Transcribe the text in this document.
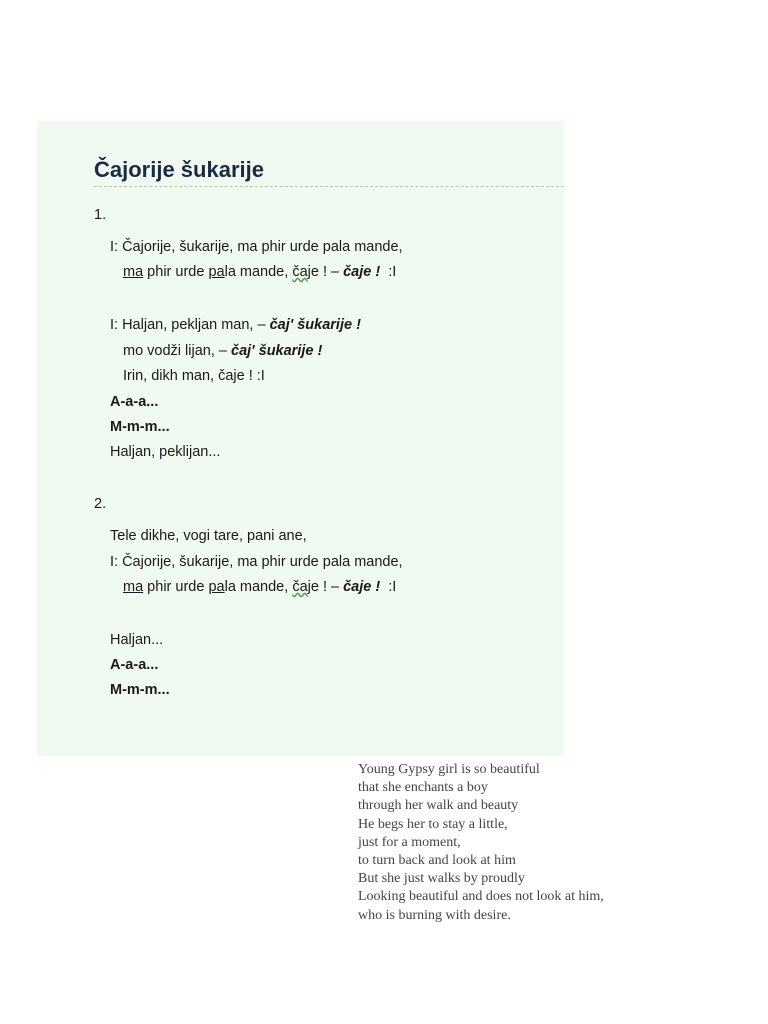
Čajorije šukarije
1.
I: Čajorije, šukarije, ma phir urde pala mande,
ma phir urde pala mande, čaje ! – čaje !  :I
I: Haljan, pekljan man, – čaj' šukarije !
mo vodži lijan, – čaj' šukarije !
Irin, dikh man, čaje ! :I
A-a-a...
M-m-m...
Haljan, peklijan...
2.
Tele dikhe, vogi tare, pani ane,
I: Čajorije, šukarije, ma phir urde pala mande,
ma phir urde pala mande, čaje ! – čaje !  :I
Haljan...
A-a-a...
M-m-m...
Young Gypsy girl is so beautiful
that she enchants a boy
through her walk and beauty
He begs her to stay a little,
just for a moment,
to turn back and look at him
But she just walks by proudly
Looking beautiful and does not look at him,
who is burning with desire.
